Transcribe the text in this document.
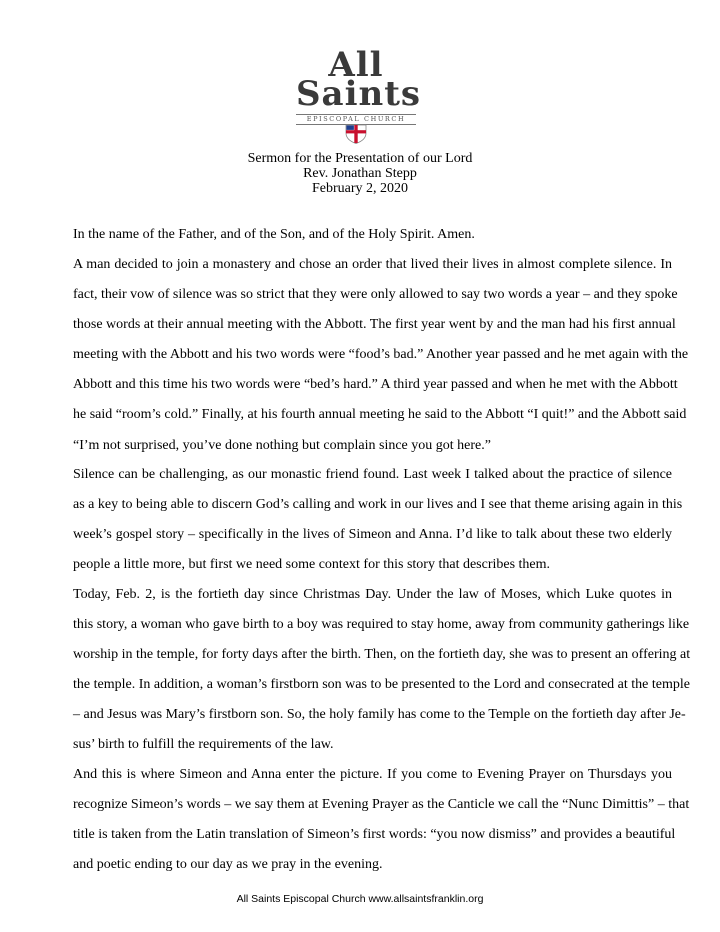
All
Saints
EPISCOPAL CHURCH
Sermon for the Presentation of our Lord
Rev. Jonathan Stepp
February 2, 2020

In the name of the Father, and of the Son, and of the Holy Spirit. Amen.

A man decided to join a monastery and chose an order that lived their lives in almost complete silence. In
fact, their vow of silence was so strict that they were only allowed to say two words a year – and they spoke
those words at their annual meeting with the Abbott. The first year went by and the man had his first annual
meeting with the Abbott and his two words were “food’s bad.” Another year passed and he met again with the
Abbott and this time his two words were “bed’s hard.” A third year passed and when he met with the Abbott
he said “room’s cold.” Finally, at his fourth annual meeting he said to the Abbott “I quit!” and the Abbott said
“I’m not surprised, you’ve done nothing but complain since you got here.”

Silence can be challenging, as our monastic friend found. Last week I talked about the practice of silence
as a key to being able to discern God’s calling and work in our lives and I see that theme arising again in this
week’s gospel story – specifically in the lives of Simeon and Anna. I’d like to talk about these two elderly
people a little more, but first we need some context for this story that describes them.

Today, Feb. 2, is the fortieth day since Christmas Day. Under the law of Moses, which Luke quotes in
this story, a woman who gave birth to a boy was required to stay home, away from community gatherings like
worship in the temple, for forty days after the birth. Then, on the fortieth day, she was to present an offering at
the temple. In addition, a woman’s firstborn son was to be presented to the Lord and consecrated at the temple
– and Jesus was Mary’s firstborn son. So, the holy family has come to the Temple on the fortieth day after Je-
sus’ birth to fulfill the requirements of the law.

And this is where Simeon and Anna enter the picture. If you come to Evening Prayer on Thursdays you
recognize Simeon’s words – we say them at Evening Prayer as the Canticle we call the “Nunc Dimittis” – that
title is taken from the Latin translation of Simeon’s first words: “you now dismiss” and provides a beautiful
and poetic ending to our day as we pray in the evening.

All Saints Episcopal Church www.allsaintsfranklin.org
